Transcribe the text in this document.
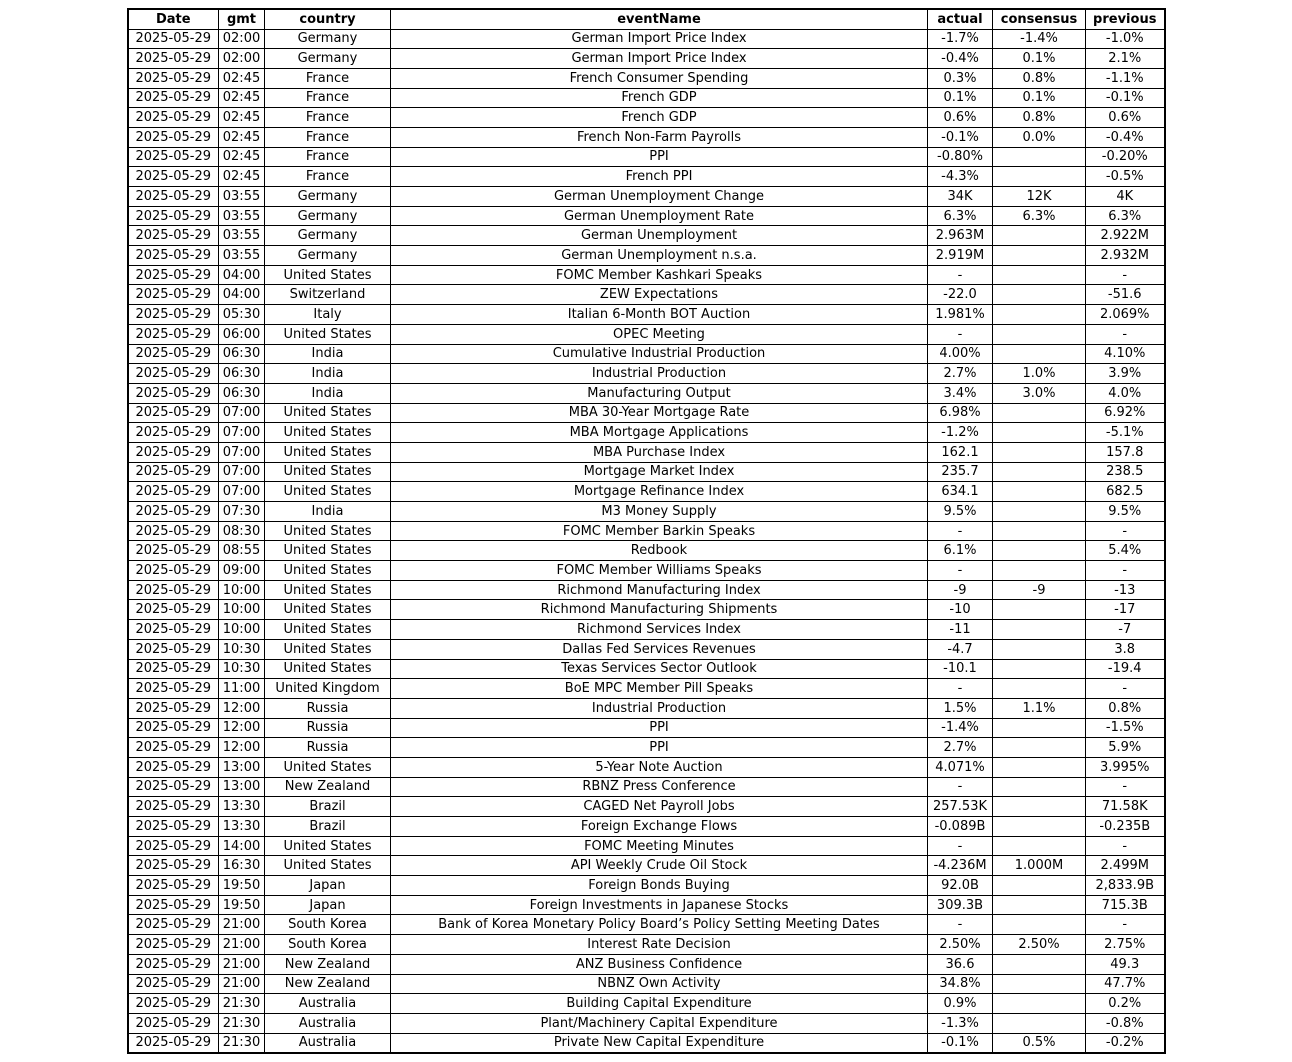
Date	gmt	country	eventName	actual	consensus	previous
2025-05-29	02:00	Germany	German Import Price Index	-1.7%	-1.4%	-1.0%
2025-05-29	02:00	Germany	German Import Price Index	-0.4%	0.1%	2.1%
2025-05-29	02:45	France	French Consumer Spending	0.3%	0.8%	-1.1%
2025-05-29	02:45	France	French GDP	0.1%	0.1%	-0.1%
2025-05-29	02:45	France	French GDP	0.6%	0.8%	0.6%
2025-05-29	02:45	France	French Non-Farm Payrolls	-0.1%	0.0%	-0.4%
2025-05-29	02:45	France	PPI	-0.80%		-0.20%
2025-05-29	02:45	France	French PPI	-4.3%		-0.5%
2025-05-29	03:55	Germany	German Unemployment Change	34K	12K	4K
2025-05-29	03:55	Germany	German Unemployment Rate	6.3%	6.3%	6.3%
2025-05-29	03:55	Germany	German Unemployment	2.963M		2.922M
2025-05-29	03:55	Germany	German Unemployment n.s.a.	2.919M		2.932M
2025-05-29	04:00	United States	FOMC Member Kashkari Speaks	-		-
2025-05-29	04:00	Switzerland	ZEW Expectations	-22.0		-51.6
2025-05-29	05:30	Italy	Italian 6-Month BOT Auction	1.981%		2.069%
2025-05-29	06:00	United States	OPEC Meeting	-		-
2025-05-29	06:30	India	Cumulative Industrial Production	4.00%		4.10%
2025-05-29	06:30	India	Industrial Production	2.7%	1.0%	3.9%
2025-05-29	06:30	India	Manufacturing Output	3.4%	3.0%	4.0%
2025-05-29	07:00	United States	MBA 30-Year Mortgage Rate	6.98%		6.92%
2025-05-29	07:00	United States	MBA Mortgage Applications	-1.2%		-5.1%
2025-05-29	07:00	United States	MBA Purchase Index	162.1		157.8
2025-05-29	07:00	United States	Mortgage Market Index	235.7		238.5
2025-05-29	07:00	United States	Mortgage Refinance Index	634.1		682.5
2025-05-29	07:30	India	M3 Money Supply	9.5%		9.5%
2025-05-29	08:30	United States	FOMC Member Barkin Speaks	-		-
2025-05-29	08:55	United States	Redbook	6.1%		5.4%
2025-05-29	09:00	United States	FOMC Member Williams Speaks	-		-
2025-05-29	10:00	United States	Richmond Manufacturing Index	-9	-9	-13
2025-05-29	10:00	United States	Richmond Manufacturing Shipments	-10		-17
2025-05-29	10:00	United States	Richmond Services Index	-11		-7
2025-05-29	10:30	United States	Dallas Fed Services Revenues	-4.7		3.8
2025-05-29	10:30	United States	Texas Services Sector Outlook	-10.1		-19.4
2025-05-29	11:00	United Kingdom	BoE MPC Member Pill Speaks	-		-
2025-05-29	12:00	Russia	Industrial Production	1.5%	1.1%	0.8%
2025-05-29	12:00	Russia	PPI	-1.4%		-1.5%
2025-05-29	12:00	Russia	PPI	2.7%		5.9%
2025-05-29	13:00	United States	5-Year Note Auction	4.071%		3.995%
2025-05-29	13:00	New Zealand	RBNZ Press Conference	-		-
2025-05-29	13:30	Brazil	CAGED Net Payroll Jobs	257.53K		71.58K
2025-05-29	13:30	Brazil	Foreign Exchange Flows	-0.089B		-0.235B
2025-05-29	14:00	United States	FOMC Meeting Minutes	-		-
2025-05-29	16:30	United States	API Weekly Crude Oil Stock	-4.236M	1.000M	2.499M
2025-05-29	19:50	Japan	Foreign Bonds Buying	92.0B		2,833.9B
2025-05-29	19:50	Japan	Foreign Investments in Japanese Stocks	309.3B		715.3B
2025-05-29	21:00	South Korea	Bank of Korea Monetary Policy Board’s Policy Setting Meeting Dates	-		-
2025-05-29	21:00	South Korea	Interest Rate Decision	2.50%	2.50%	2.75%
2025-05-29	21:00	New Zealand	ANZ Business Confidence	36.6		49.3
2025-05-29	21:00	New Zealand	NBNZ Own Activity	34.8%		47.7%
2025-05-29	21:30	Australia	Building Capital Expenditure	0.9%		0.2%
2025-05-29	21:30	Australia	Plant/Machinery Capital Expenditure	-1.3%		-0.8%
2025-05-29	21:30	Australia	Private New Capital Expenditure	-0.1%	0.5%	-0.2%
